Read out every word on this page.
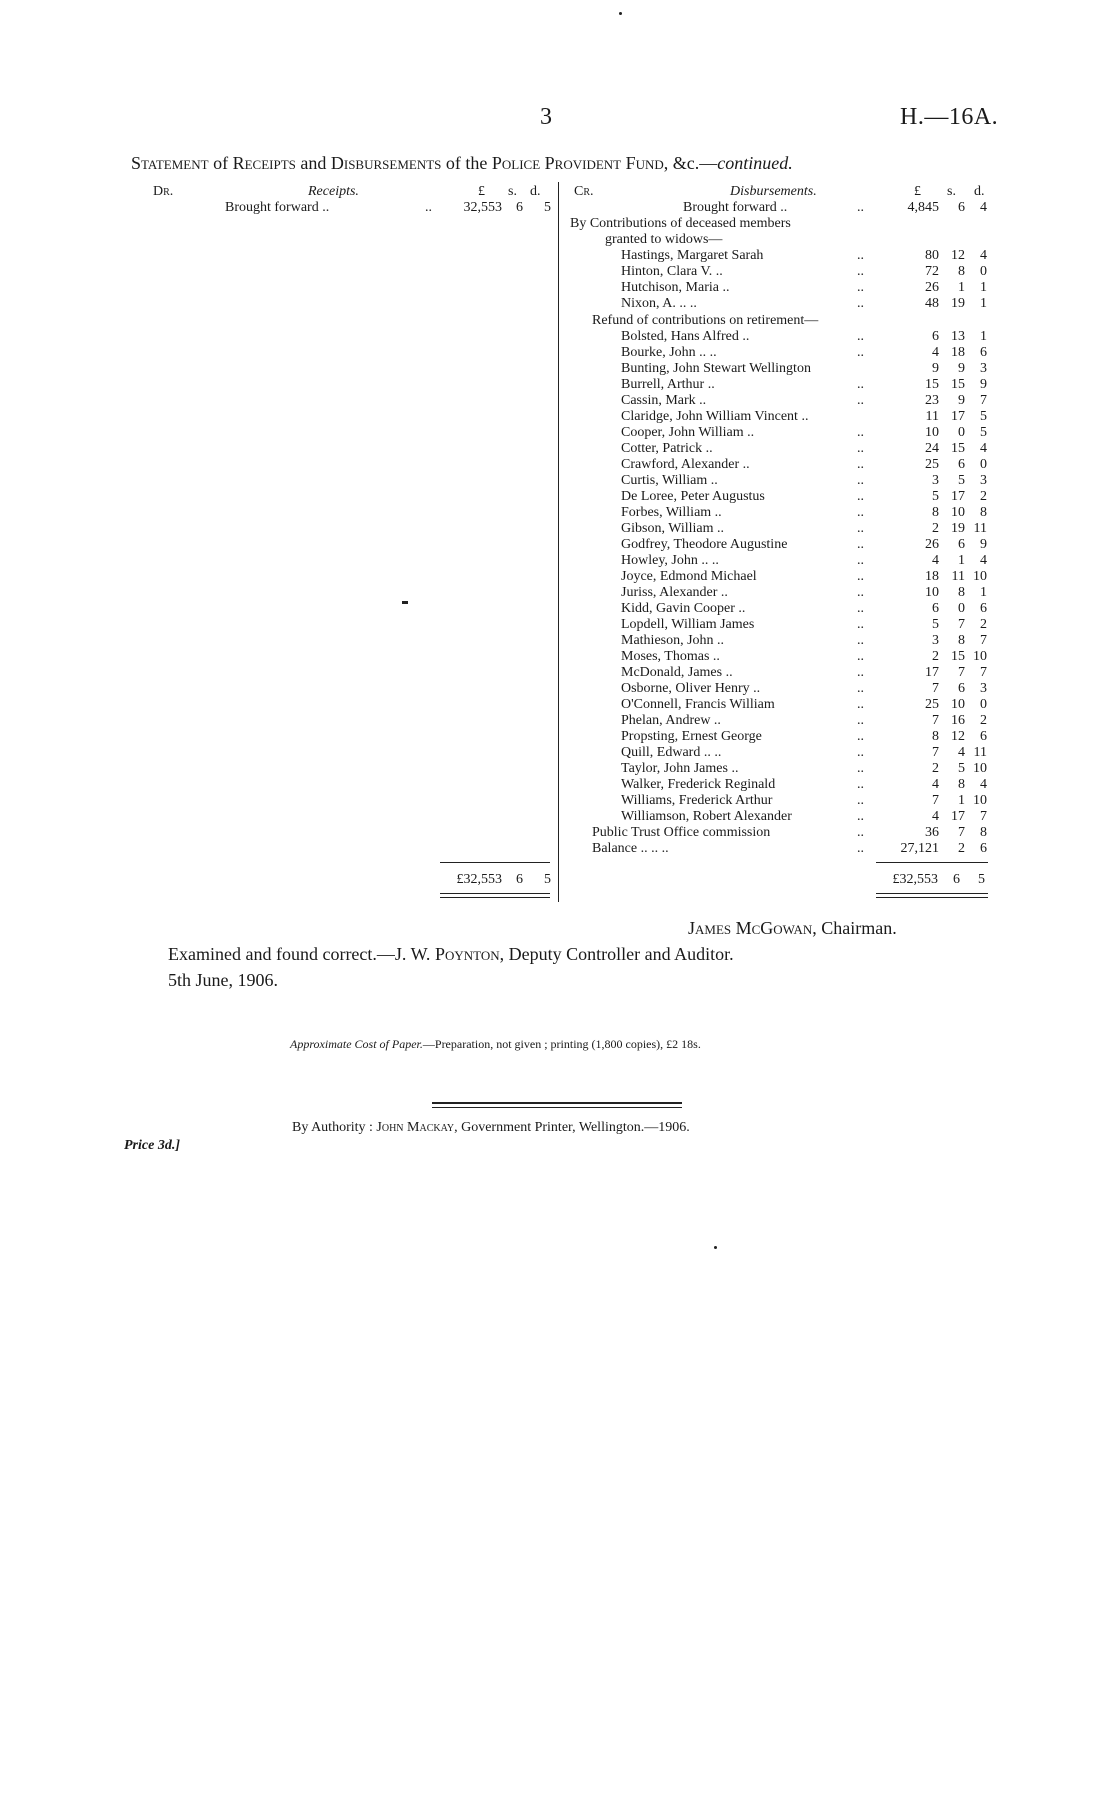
3	H.—16A.
Statement of Receipts and Disbursements of the Police Provident Fund, &c.—continued.
Dr.	Receipts.	£ s. d.
Brought forward ..	..	32,553 6 5
£32,553 6 5
Cr.	Disbursements.	£ s. d.
Brought forward ..	..	4,845	6	4
By Contributions of deceased members
granted to widows—
Hastings, Margaret Sarah	..	80 12	4
Hinton, Clara V. ..	..	72	8	0
Hutchison, Maria ..	..	26	1	1
Nixon, A. .. ..	..	48 19	1
Refund of contributions on retirement—
Bolsted, Hans Alfred ..	..	6 13	1
Bourke, John .. ..	..	4 18	6
Bunting, John Stewart Wellington	9	9	3
Burrell, Arthur ..	..	15 15	9
Cassin, Mark ..	..	23	9	7
Claridge, John William Vincent ..	11 17	5
Cooper, John William ..	..	10	0	5
Cotter, Patrick ..	..	24 15	4
Crawford, Alexander ..	..	25	6	0
Curtis, William ..	..	3	5	3
De Loree, Peter Augustus	..	5 17	2
Forbes, William ..	..	8 10	8
Gibson, William ..	..	2 19 11
Godfrey, Theodore Augustine	..	26	6	9
Howley, John .. ..	..	4	1	4
Joyce, Edmond Michael	..	18 11 10
Juriss, Alexander ..	..	10	8	1
Kidd, Gavin Cooper ..	..	6	0	6
Lopdell, William James	..	5	7	2
Mathieson, John ..	..	3	8	7
Moses, Thomas ..	..	2 15 10
McDonald, James ..	..	17	7	7
Osborne, Oliver Henry ..	..	7	6	3
O'Connell, Francis William	..	25 10	0
Phelan, Andrew ..	..	7 16	2
Propsting, Ernest George	..	8 12	6
Quill, Edward .. ..	..	7	4 11
Taylor, John James ..	..	2	5 10
Walker, Frederick Reginald	..	4	8	4
Williams, Frederick Arthur	..	7	1 10
Williamson, Robert Alexander	..	4 17	7
Public Trust Office commission	..	36	7	8
Balance .. .. ..	..	27,121	2	6
£32,553 6 5
James McGowan, Chairman.
Examined and found correct.—J. W. Poynton, Deputy Controller and Auditor.
5th June, 1906.
Approximate Cost of Paper.—Preparation, not given ; printing (1,800 copies), £2 18s.
Price 3d.]
By Authority : John Mackay, Government Printer, Wellington.—1906.
